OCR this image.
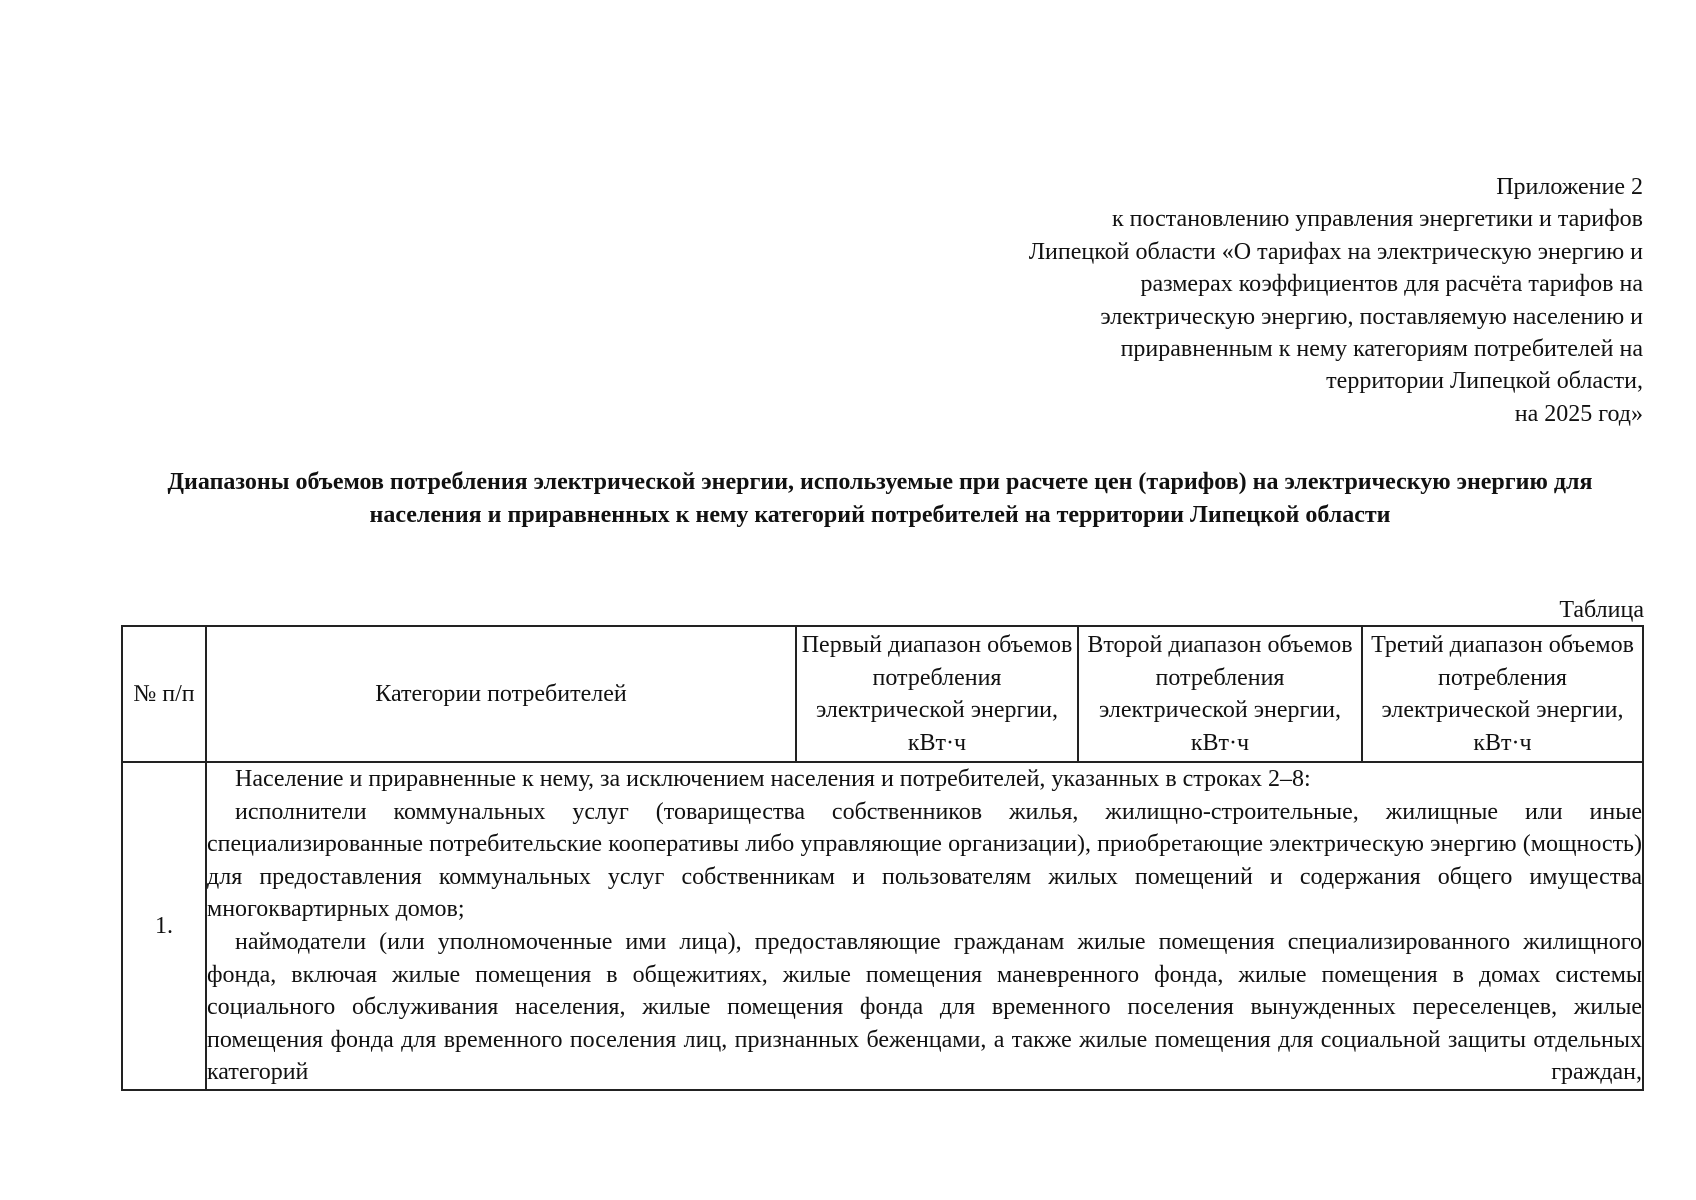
Приложение 2
к постановлению управления энергетики и тарифов
Липецкой области «О тарифах на электрическую энергию и
размерах коэффициентов для расчёта тарифов на
электрическую энергию, поставляемую населению и
приравненным к нему категориям потребителей на
территории Липецкой области,
на 2025 год»
Диапазоны объемов потребления электрической энергии, используемые при расчете цен (тарифов) на электрическую энергию для населения и приравненных к нему категорий потребителей на территории Липецкой области
Таблица
№ п/п	Категории потребителей	Первый диапазон объемов потребления электрической энергии, кВт·ч	Второй диапазон объемов потребления электрической энергии, кВт·ч	Третий диапазон объемов потребления электрической энергии, кВт·ч
1.	Население и приравненные к нему, за исключением населения и потребителей, указанных в строках 2–8:

исполнители коммунальных услуг (товарищества собственников жилья, жилищно-строительные, жилищные или иные специализированные потребительские кооперативы либо управляющие организации), приобретающие электрическую энергию (мощность) для предоставления коммунальных услуг собственникам и пользователям жилых помещений и содержания общего имущества многоквартирных домов;

наймодатели (или уполномоченные ими лица), предоставляющие гражданам жилые помещения специализированного жилищного фонда, включая жилые помещения в общежитиях, жилые помещения маневренного фонда, жилые помещения в домах системы социального обслуживания населения, жилые помещения фонда для временного поселения вынужденных переселенцев, жилые помещения фонда для временного поселения лиц, признанных беженцами, а также жилые помещения для социальной защиты отдельных категорий граждан,			
